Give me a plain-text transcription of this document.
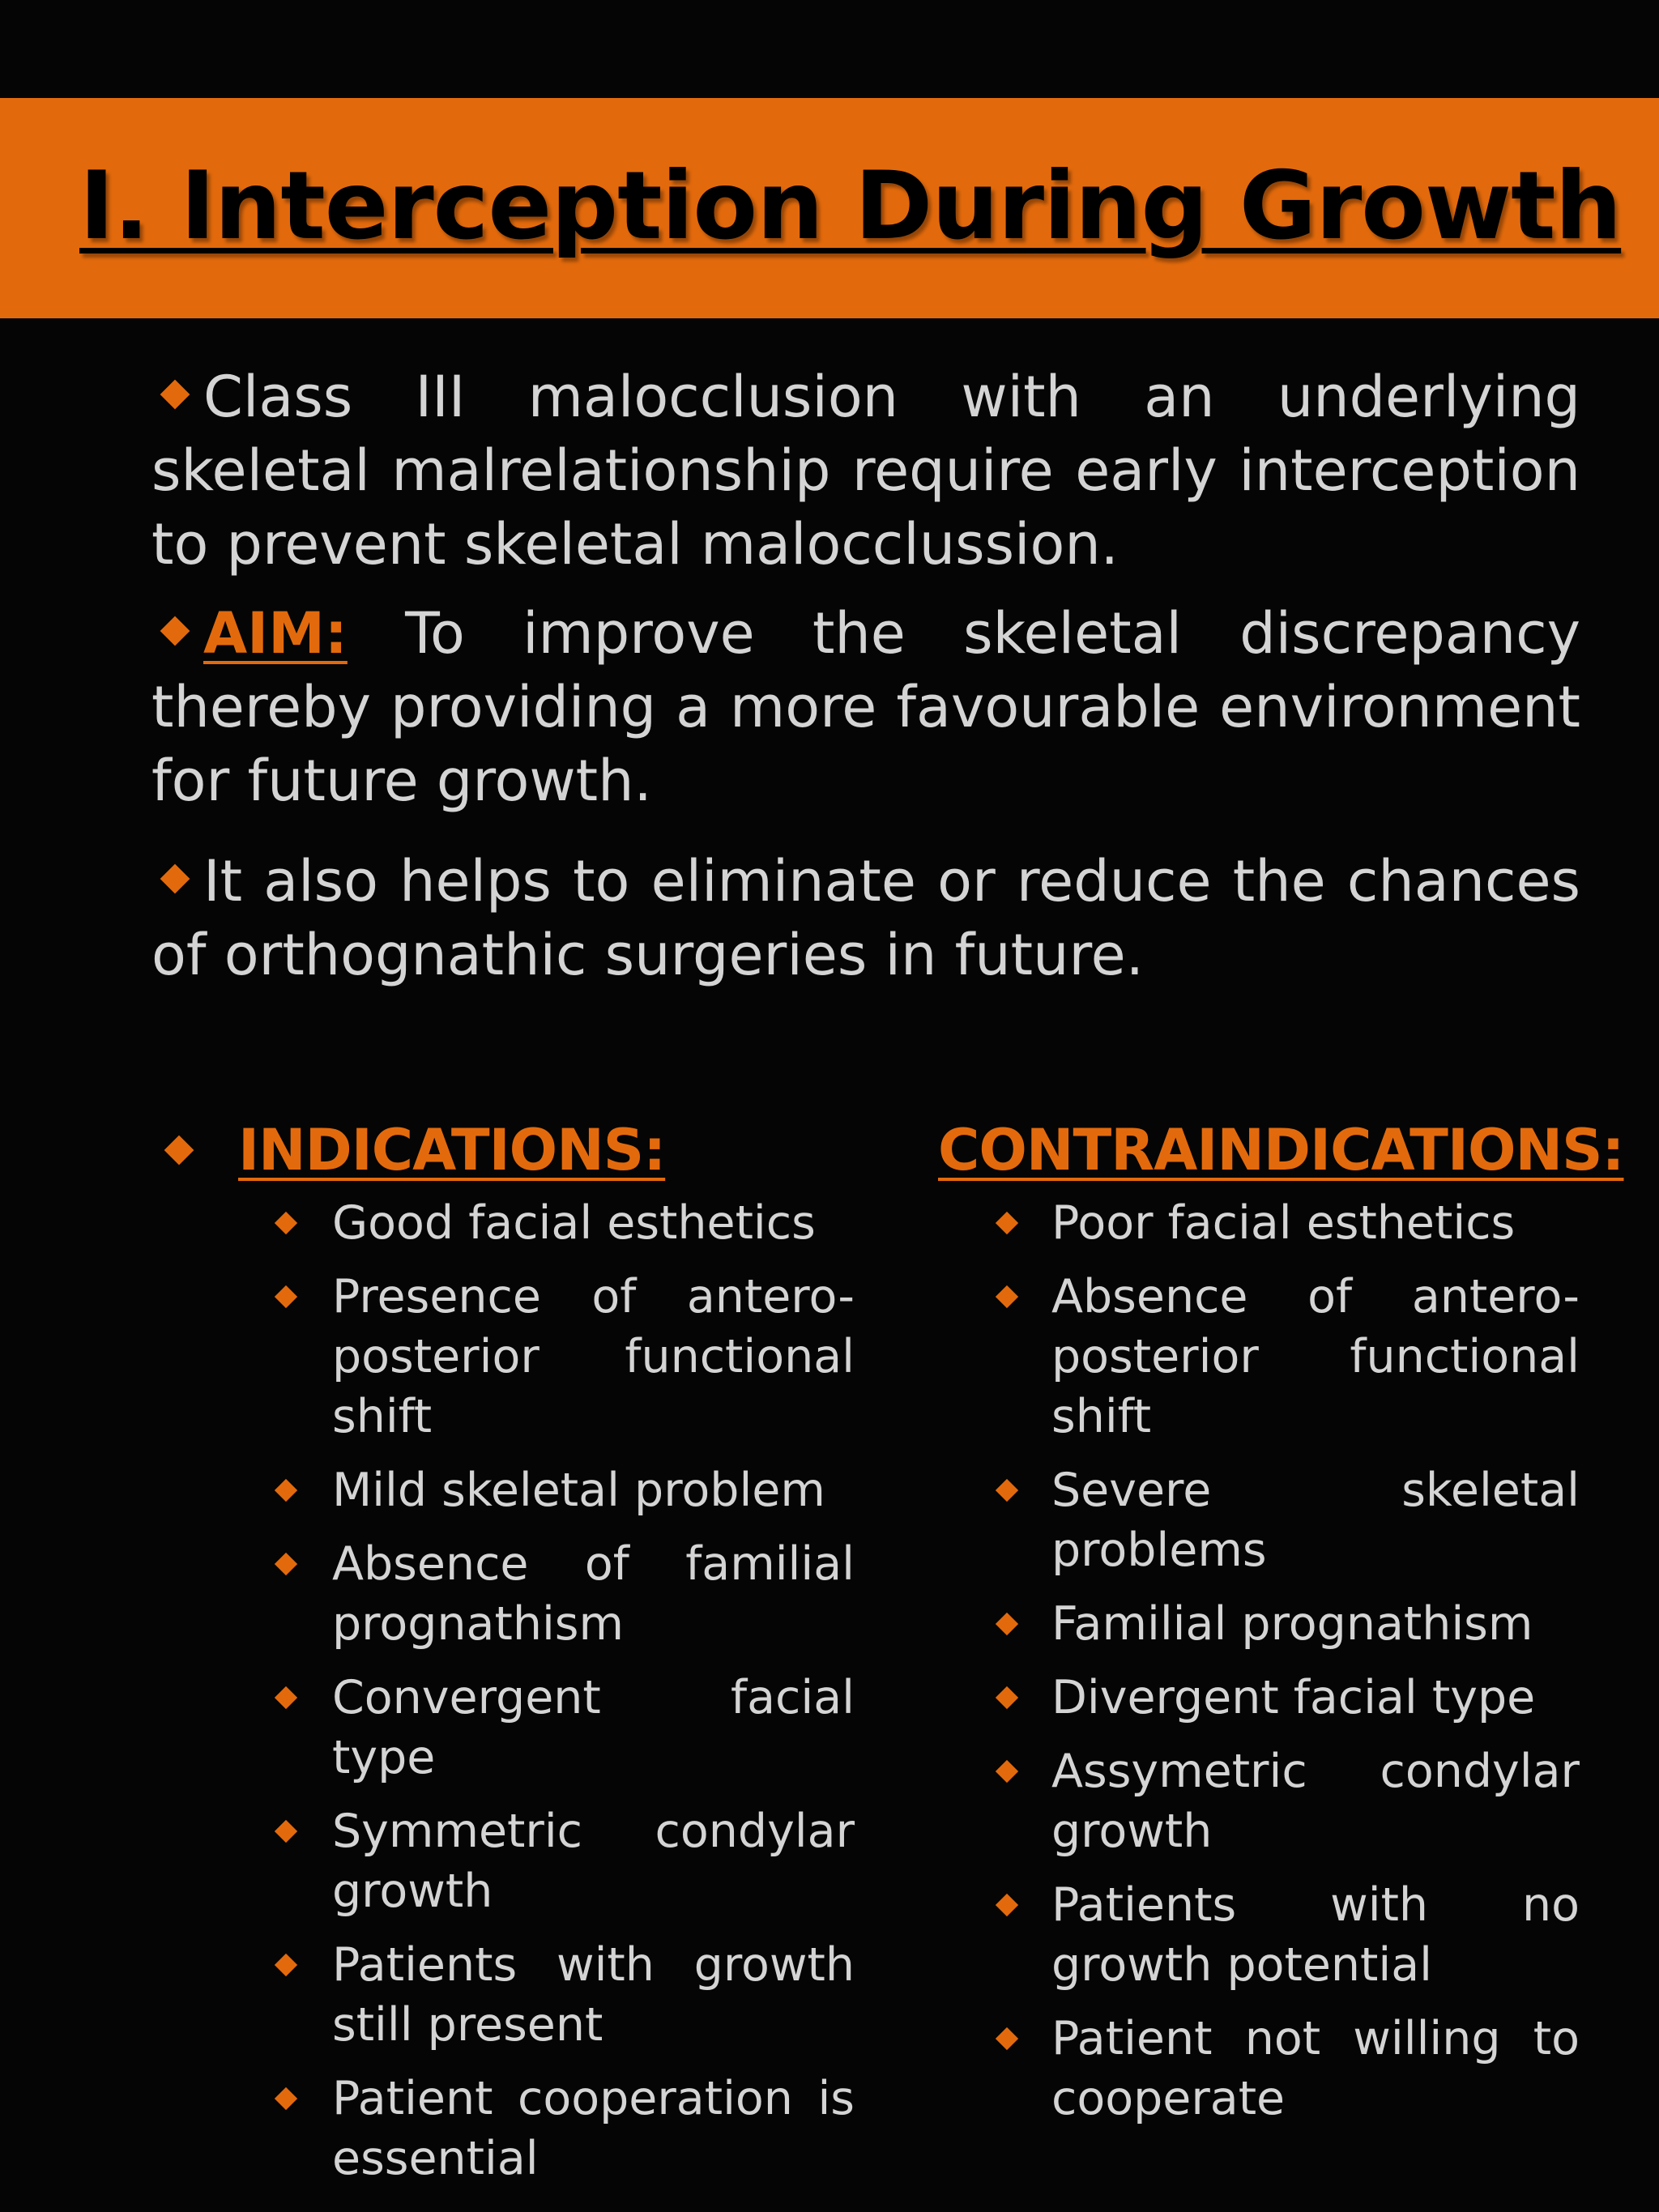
I. Interception During Growth

Class III malocclusion with an underlying skeletal malrelationship require early interception to prevent skeletal malocclussion.

AIM: To improve the skeletal discrepancy thereby providing a more favourable environment for future growth.

It also helps to eliminate or reduce the chances of orthognathic surgeries in future.

INDICATIONS:
Good facial esthetics
Presence of antero-posterior functional shift
Mild skeletal problem
Absence of familial prognathism
Convergent facial type
Symmetric condylar growth
Patients with growth still present
Patient cooperation is essential
CONTRAINDICATIONS:
Poor facial esthetics
Absence of antero-posterior functional shift
Severe skeletal problems
Familial prognathism
Divergent facial type
Assymetric condylar growth
Patients with no growth potential
Patient not willing to cooperate
